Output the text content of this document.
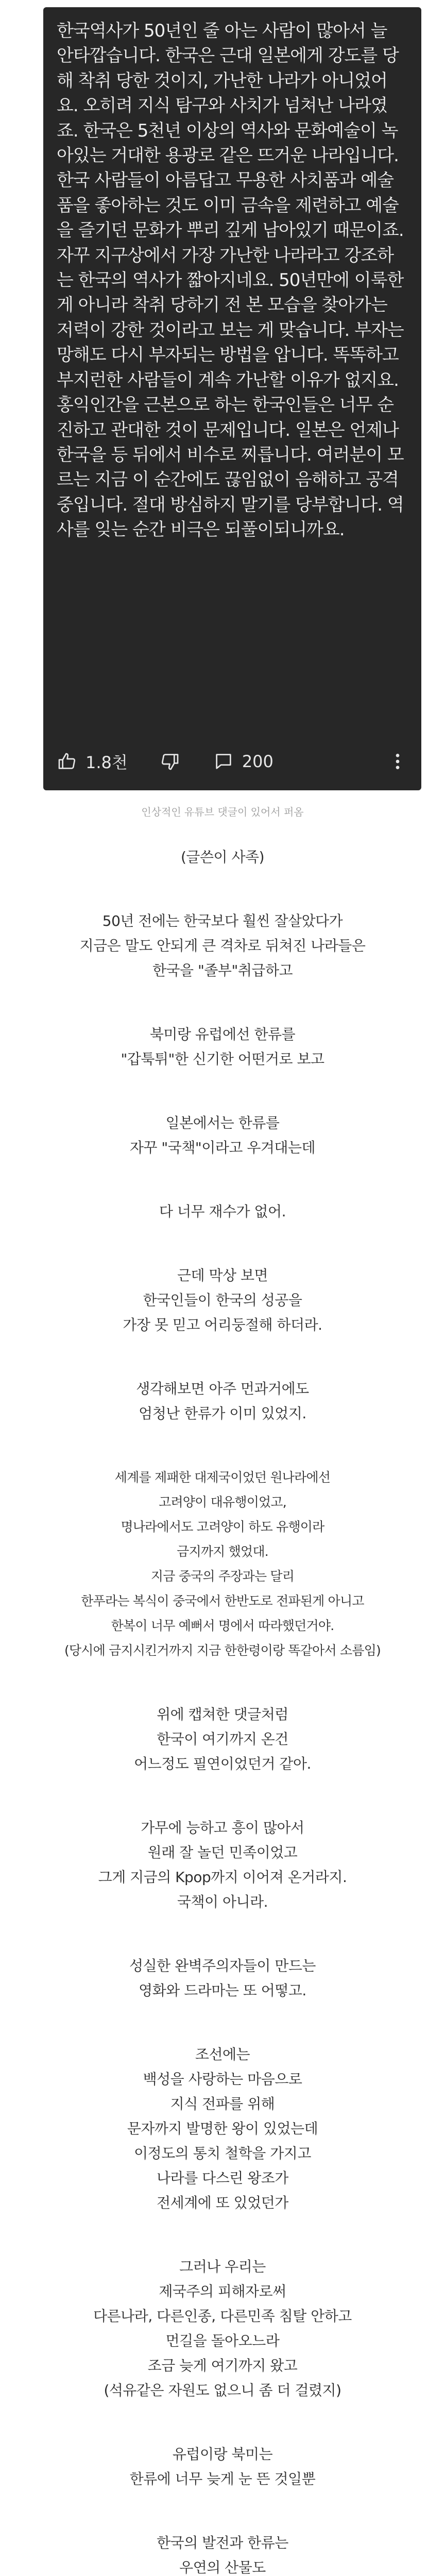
한국역사가 50년인 줄 아는 사람이 많아서 늘 안타깝습니다. 한국은 근대 일본에게 강도를 당해 착취 당한 것이지, 가난한 나라가 아니었어요. 오히려 지식 탐구와 사치가 넘쳐난 나라였죠. 한국은 5천년 이상의 역사와 문화예술이 녹아있는 거대한 용광로 같은 뜨거운 나라입니다. 한국 사람들이 아름답고 무용한 사치품과 예술품을 좋아하는 것도 이미 금속을 제련하고 예술을 즐기던 문화가 뿌리 깊게 남아있기 때문이죠. 자꾸 지구상에서 가장 가난한 나라라고 강조하는 한국의 역사가 짧아지네요. 50년만에 이룩한 게 아니라 착취 당하기 전 본 모습을 찾아가는 저력이 강한 것이라고 보는 게 맞습니다. 부자는 망해도 다시 부자되는 방법을 압니다. 똑똑하고 부지런한 사람들이 계속 가난할 이유가 없지요. 홍익인간을 근본으로 하는 한국인들은 너무 순진하고 관대한 것이 문제입니다. 일본은 언제나 한국을 등 뒤에서 비수로 찌릅니다. 여러분이 모르는 지금 이 순간에도 끊임없이 음해하고 공격중입니다. 절대 방심하지 말기를 당부합니다. 역사를 잊는 순간 비극은 되풀이되니까요.

1.8천	200
인상적인 유튜브 댓글이 있어서 퍼옴

(글쓴이 사족)

50년 전에는 한국보다 훨씬 잘살았다가
지금은 말도 안되게 큰 격차로 뒤쳐진 나라들은
한국을 "졸부"취급하고

북미랑 유럽에선 한류를
"갑툭튀"한 신기한 어떤거로 보고

일본에서는 한류를
자꾸 "국책"이라고 우겨대는데

다 너무 재수가 없어.

근데 막상 보면
한국인들이 한국의 성공을
가장 못 믿고 어리둥절해 하더라.

생각해보면 아주 먼과거에도
엄청난 한류가 이미 있었지.

세계를 제패한 대제국이었던 원나라에선
고려양이 대유행이었고,
명나라에서도 고려양이 하도 유행이라
금지까지 했었대.
지금 중국의 주장과는 달리
한푸라는 복식이 중국에서 한반도로 전파된게 아니고
한복이 너무 예뻐서 명에서 따라했던거야.
(당시에 금지시킨거까지 지금 한한령이랑 똑같아서 소름임)

위에 캡쳐한 댓글처럼
한국이 여기까지 온건
어느정도 필연이었던거 같아.

가무에 능하고 흥이 많아서
원래 잘 놀던 민족이었고
그게 지금의 Kpop까지 이어져 온거라지.
국책이 아니라.

성실한 완벽주의자들이 만드는
영화와 드라마는 또 어떻고.

조선에는
백성을 사랑하는 마음으로
지식 전파를 위해
문자까지 발명한 왕이 있었는데
이정도의 통치 철학을 가지고
나라를 다스린 왕조가
전세계에 또 있었던가

그러나 우리는
제국주의 피해자로써
다른나라, 다른인종, 다른민족 침탈 안하고
먼길을 돌아오느라
조금 늦게 여기까지 왔고
(석유같은 자원도 없으니 좀 더 걸렸지)

유럽이랑 북미는
한류에 너무 늦게 눈 뜬 것일뿐

한국의 발전과 한류는
우연의 산물도
